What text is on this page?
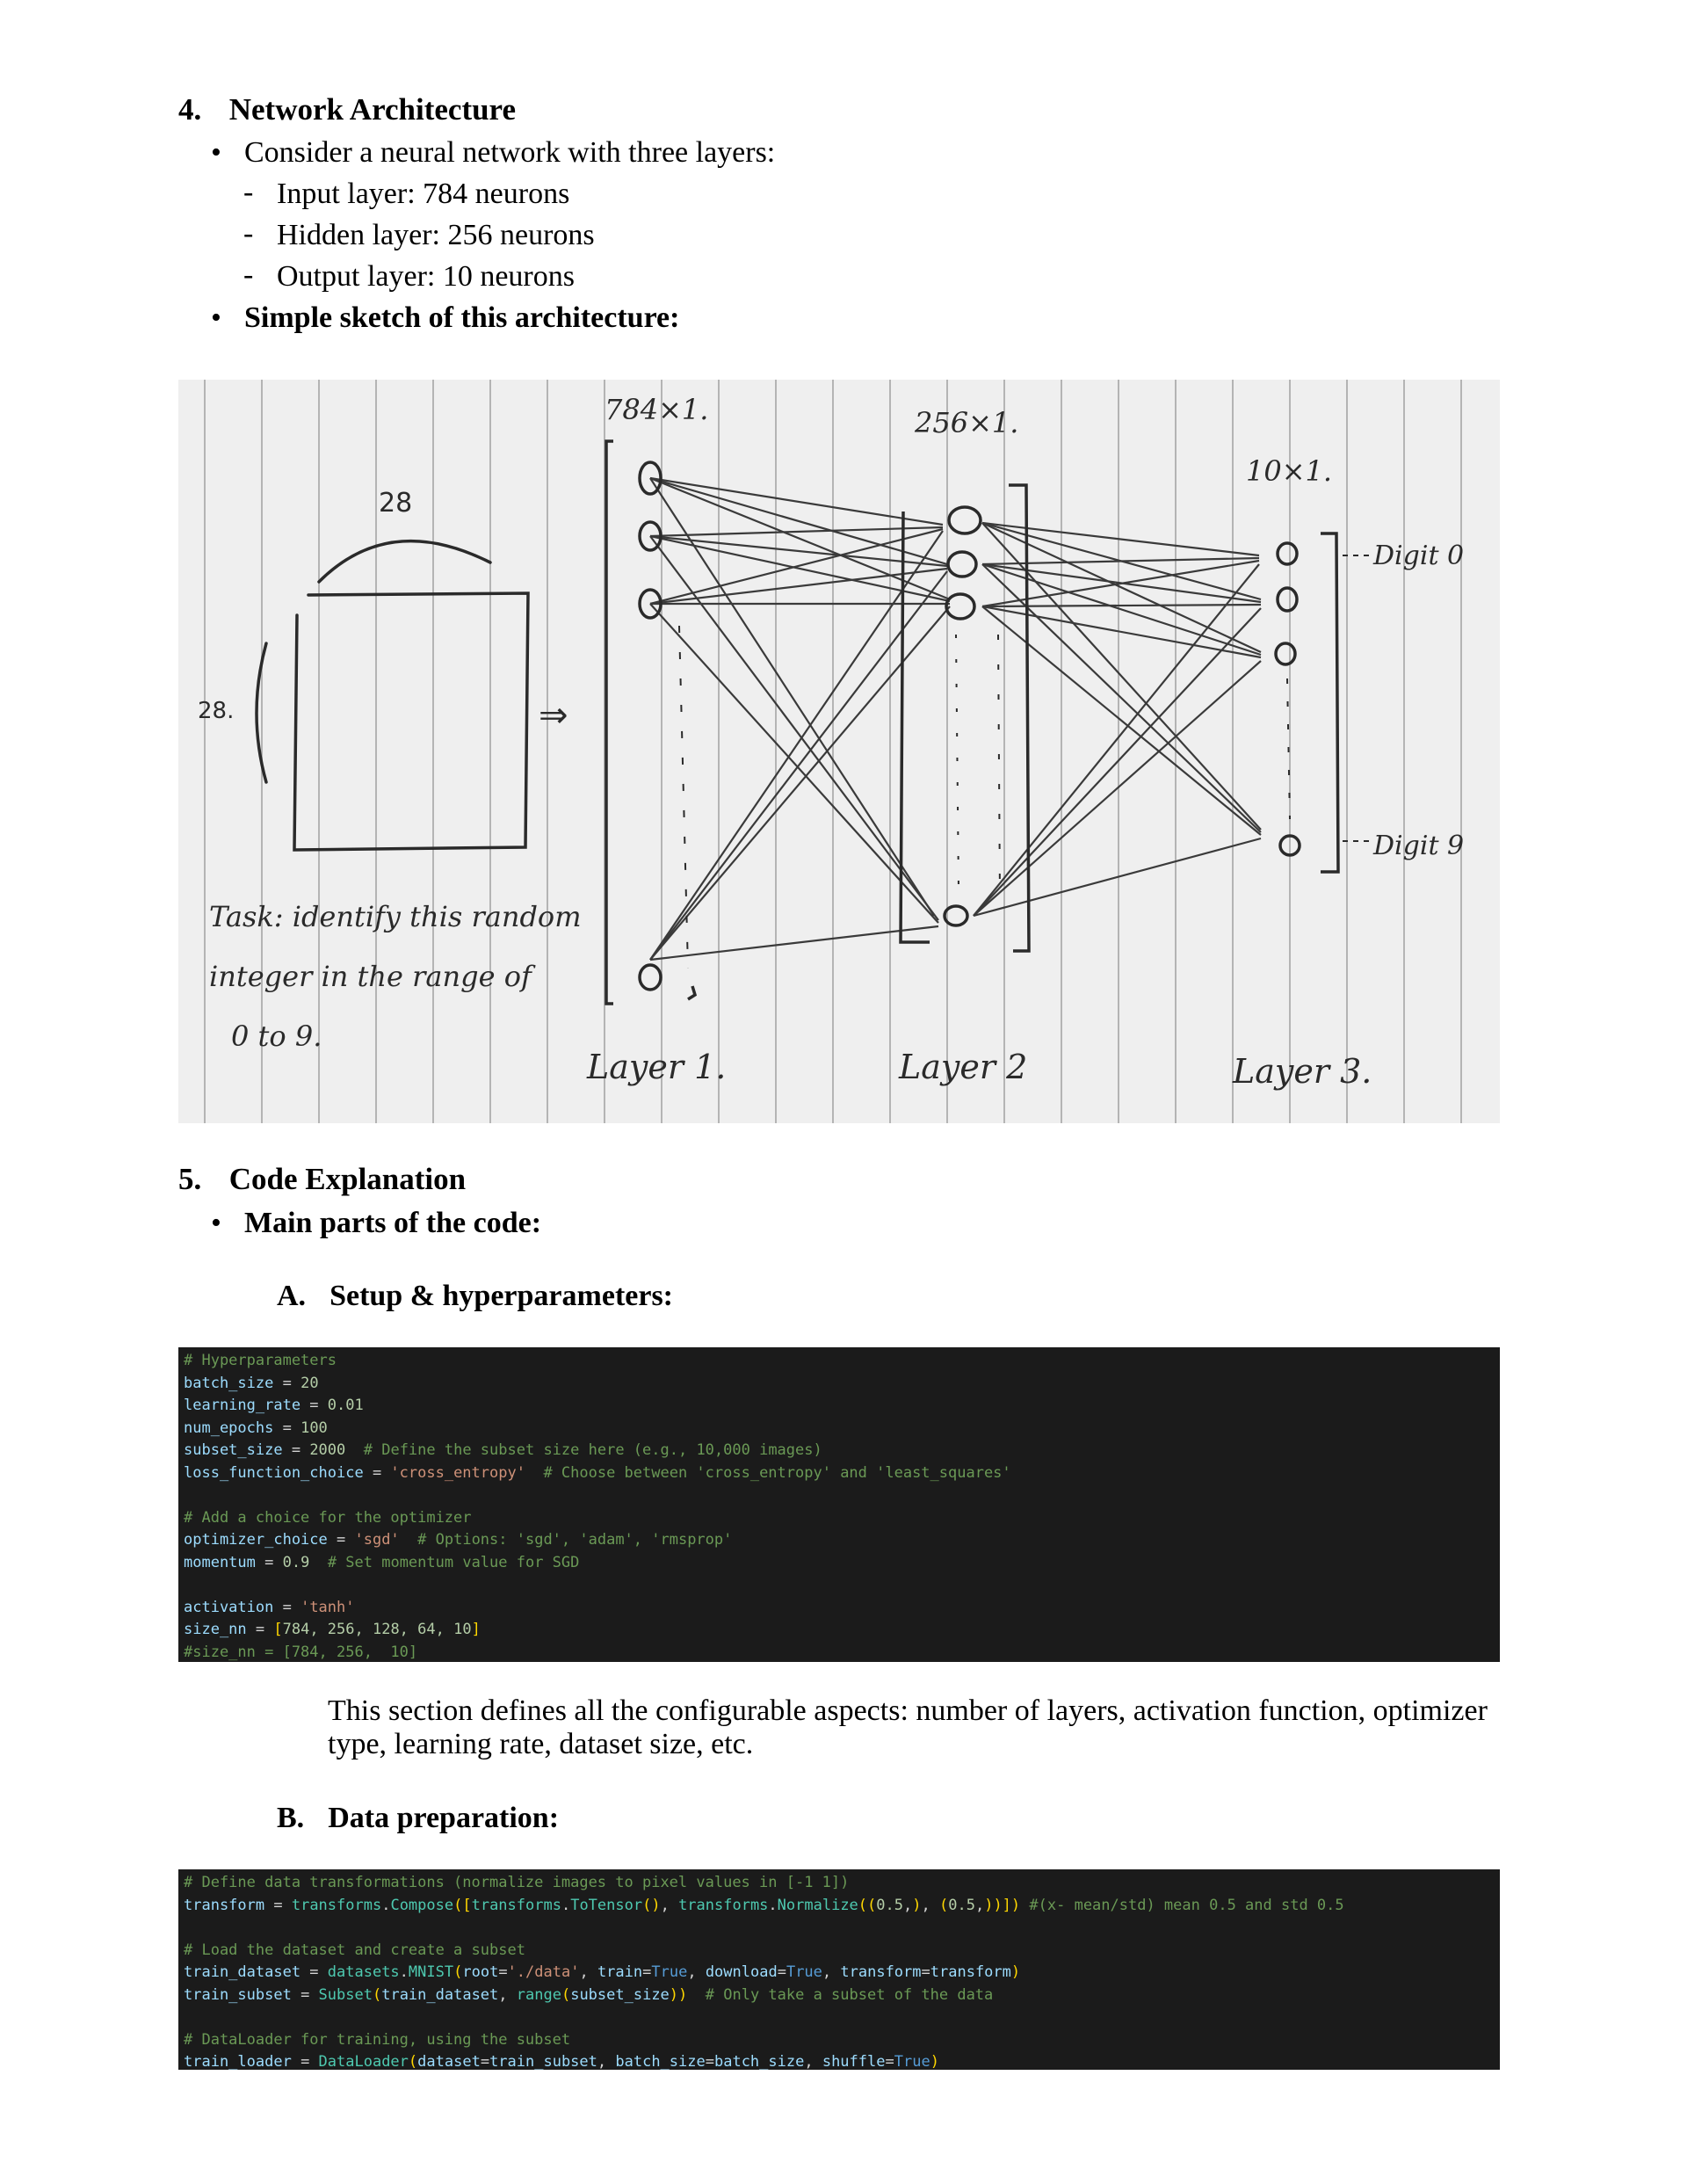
4. Network Architecture
• Consider a neural network with three layers:
- Input layer: 784 neurons
- Hidden layer: 256 neurons
- Output layer: 10 neurons
• Simple sketch of this architecture:
28
28.	⇒
Task: identify this random
integer in the range of
0 to 9.
784×1.	256×1.
10×1.
Digit 0
Digit 9
Layer 1.	Layer 2	Layer 3.
5. Code Explanation
• Main parts of the code:
A. Setup & hyperparameters:
# Hyperparameters
batch_size = 20
learning_rate = 0.01
num_epochs = 100
subset_size = 2000 # Define the subset size here (e.g., 10,000 images)
loss_function_choice = 'cross_entropy' # Choose between 'cross_entropy' and 'least_squares'
# Add a choice for the optimizer
optimizer_choice = 'sgd' # Options: 'sgd', 'adam', 'rmsprop'
momentum = 0.9 # Set momentum value for SGD
activation = 'tanh'
size_nn = [784, 256, 128, 64, 10]
#size_nn = [784, 256,  10]
This section defines all the configurable aspects: number of layers, activation function, optimizer type, learning rate, dataset size, etc.
B. Data preparation:
# Define data transformations (normalize images to pixel values in [-1 1])
transform = transforms.Compose([transforms.ToTensor(), transforms.Normalize((0.5,), (0.5,))]) #(x- mean/std) mean 0.5 and std 0.5
# Load the dataset and create a subset
train_dataset = datasets.MNIST(root='./data', train=True, download=True, transform=transform)
train_subset = Subset(train_dataset, range(subset_size)) # Only take a subset of the data
# DataLoader for training, using the subset
train_loader = DataLoader(dataset=train_subset, batch_size=batch_size, shuffle=True)
